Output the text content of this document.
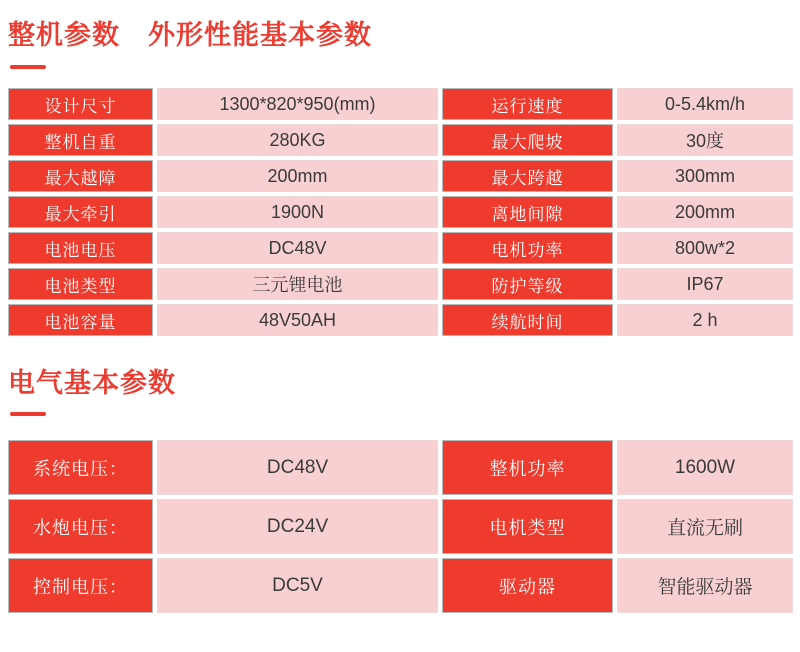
整机参数　外形性能基本参数
设计尺寸	1300*820*950(mm)	运行速度	0-5.4km/h
整机自重	280KG	最大爬坡	30度
最大越障	200mm	最大跨越	300mm
最大牵引	1900N	离地间隙	200mm
电池电压	DC48V	电机功率	800w*2
电池类型	三元锂电池	防护等级	IP67
电池容量	48V50AH	续航时间	2 h
电气基本参数
系统电压：	DC48V	整机功率	1600W
水炮电压：	DC24V	电机类型	直流无刷
控制电压：	DC5V	驱动器	智能驱动器
